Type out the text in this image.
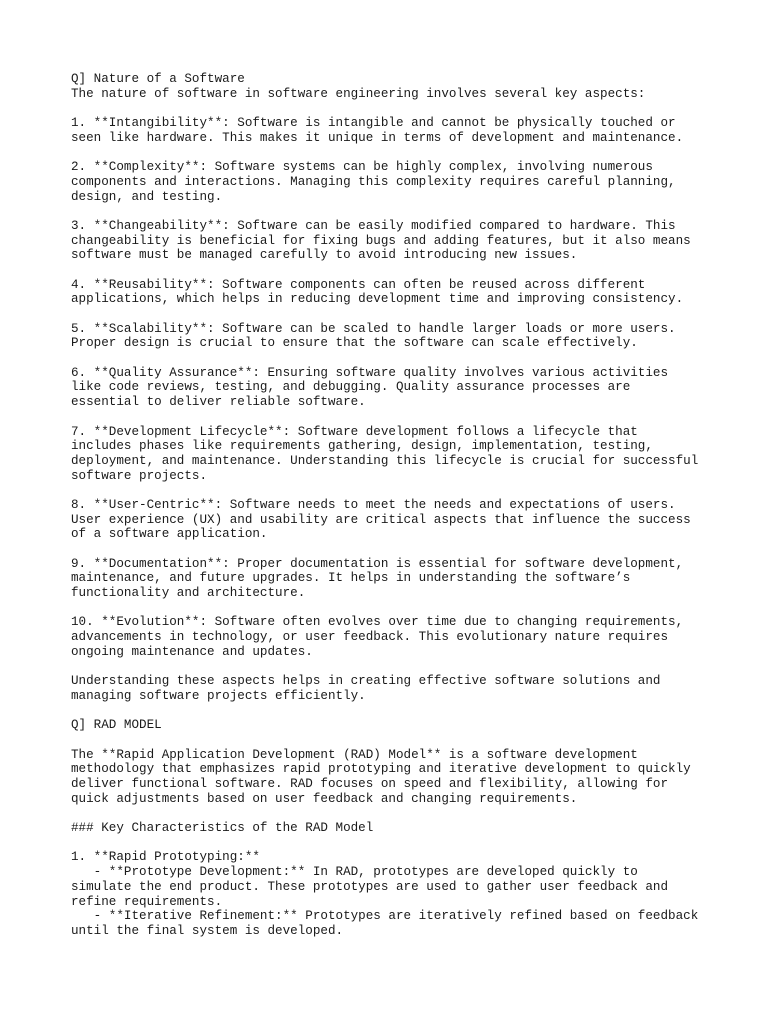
Q] Nature of a Software
The nature of software in software engineering involves several key aspects:
1. **Intangibility**: Software is intangible and cannot be physically touched or
seen like hardware. This makes it unique in terms of development and maintenance.
2. **Complexity**: Software systems can be highly complex, involving numerous
components and interactions. Managing this complexity requires careful planning,
design, and testing.
3. **Changeability**: Software can be easily modified compared to hardware. This
changeability is beneficial for fixing bugs and adding features, but it also means
software must be managed carefully to avoid introducing new issues.
4. **Reusability**: Software components can often be reused across different
applications, which helps in reducing development time and improving consistency.
5. **Scalability**: Software can be scaled to handle larger loads or more users.
Proper design is crucial to ensure that the software can scale effectively.
6. **Quality Assurance**: Ensuring software quality involves various activities
like code reviews, testing, and debugging. Quality assurance processes are
essential to deliver reliable software.
7. **Development Lifecycle**: Software development follows a lifecycle that
includes phases like requirements gathering, design, implementation, testing,
deployment, and maintenance. Understanding this lifecycle is crucial for successful
software projects.
8. **User-Centric**: Software needs to meet the needs and expectations of users.
User experience (UX) and usability are critical aspects that influence the success
of a software application.
9. **Documentation**: Proper documentation is essential for software development,
maintenance, and future upgrades. It helps in understanding the software’s
functionality and architecture.
10. **Evolution**: Software often evolves over time due to changing requirements,
advancements in technology, or user feedback. This evolutionary nature requires
ongoing maintenance and updates.
Understanding these aspects helps in creating effective software solutions and
managing software projects efficiently.
Q] RAD MODEL
The **Rapid Application Development (RAD) Model** is a software development
methodology that emphasizes rapid prototyping and iterative development to quickly
deliver functional software. RAD focuses on speed and flexibility, allowing for
quick adjustments based on user feedback and changing requirements.
### Key Characteristics of the RAD Model
1. **Rapid Prototyping:**
- **Prototype Development:** In RAD, prototypes are developed quickly to
simulate the end product. These prototypes are used to gather user feedback and
refine requirements.
- **Iterative Refinement:** Prototypes are iteratively refined based on feedback
until the final system is developed.
